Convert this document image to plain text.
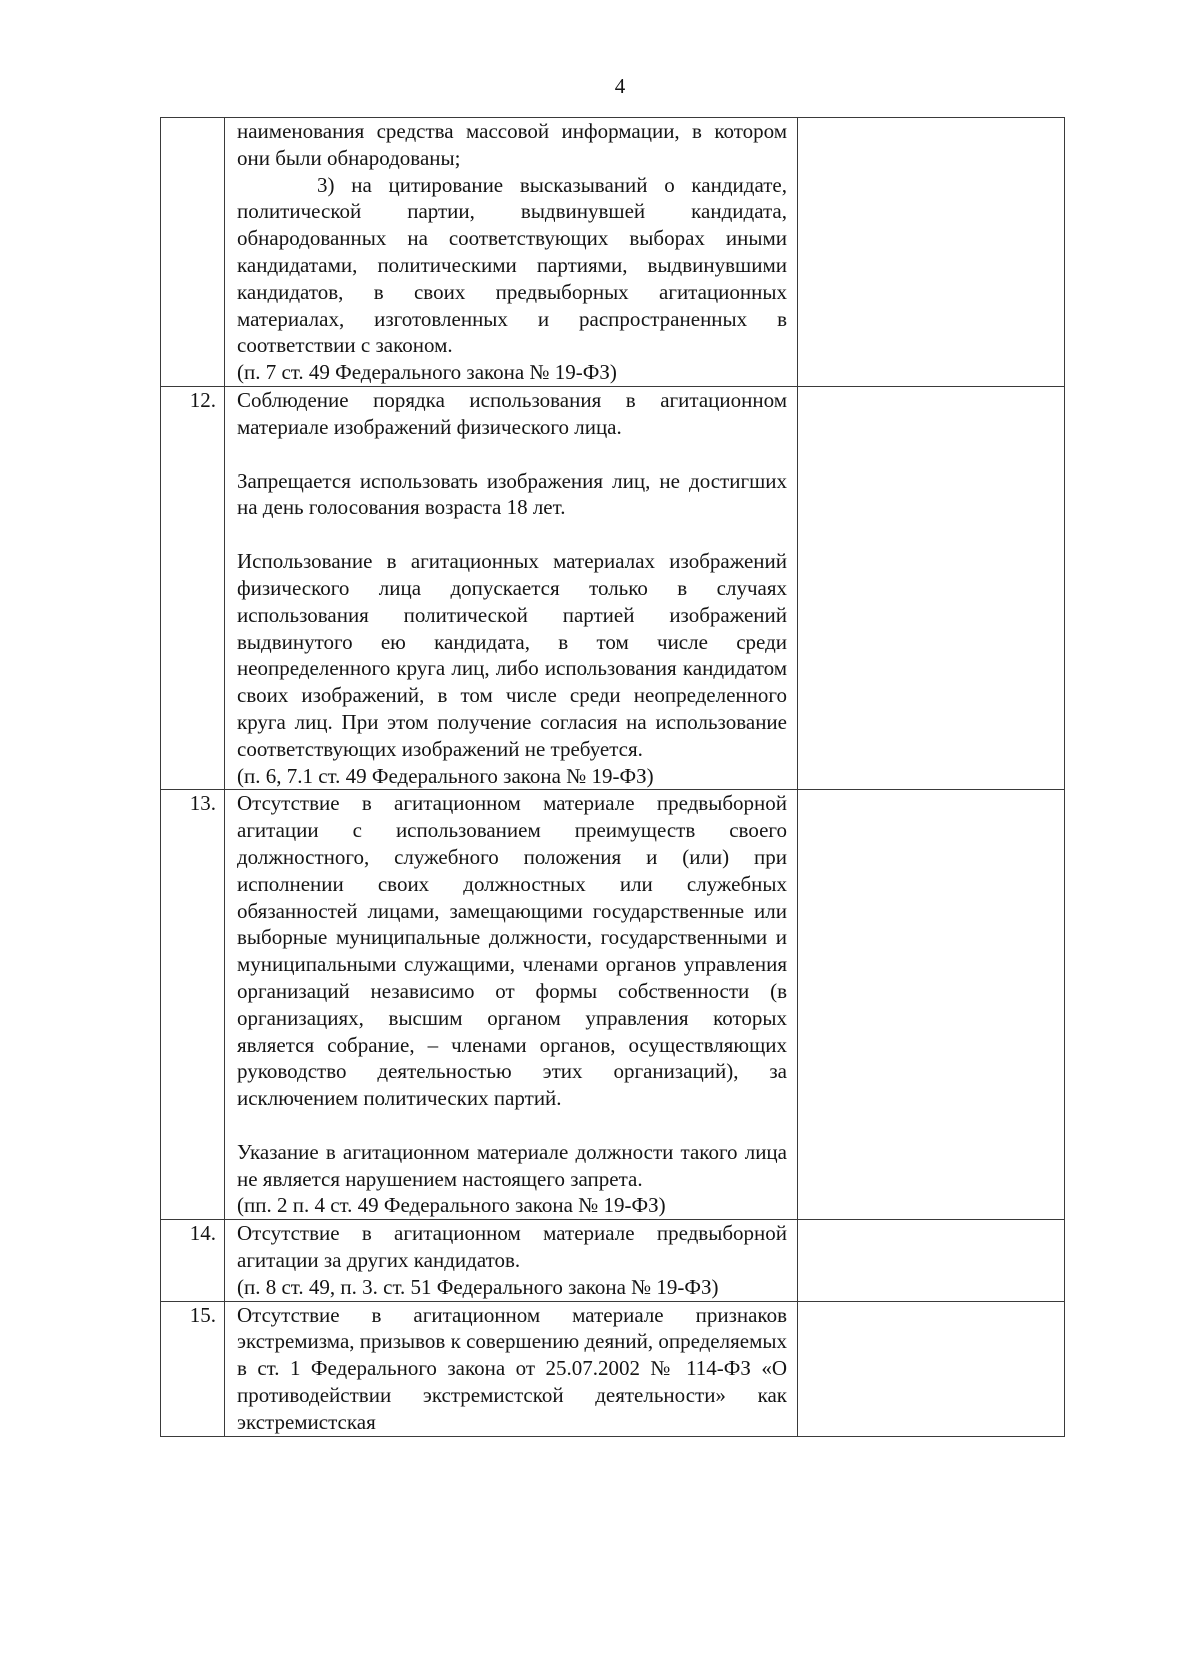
4

	наименования средства массовой информации, в котором они были обнародованы;

3) на цитирование высказываний о кандидате, политической партии, выдвинувшей кандидата, обнародованных на соответствующих выборах иными кандидатами, политическими партиями, выдвинувшими кандидатов, в своих предвыборных агитационных материалах, изготовленных и распространенных в соответствии с законом.

(п. 7 ст. 49 Федерального закона № 19-ФЗ)	

12.	Соблюдение порядка использования в агитационном материале изображений физического лица.

Запрещается использовать изображения лиц, не достигших на день голосования возраста 18 лет.

Использование в агитационных материалах изображений физического лица допускается только в случаях использования политической партией изображений выдвинутого ею кандидата, в том числе среди неопределенного круга лиц, либо использования кандидатом своих изображений, в том числе среди неопределенного круга лиц. При этом получение согласия на использование соответствующих изображений не требуется.

(п. 6, 7.1 ст. 49 Федерального закона № 19-ФЗ)	

13.	Отсутствие в агитационном материале предвыборной агитации с использованием преимуществ своего должностного, служебного положения и (или) при исполнении своих должностных или служебных обязанностей лицами, замещающими государственные или выборные муниципальные должности, государственными и муниципальными служащими, членами органов управления организаций независимо от формы собственности (в организациях, высшим органом управления которых является собрание, – членами органов, осуществляющих руководство деятельностью этих организаций), за исключением политических партий.

Указание в агитационном материале должности такого лица не является нарушением настоящего запрета.

(пп. 2 п. 4 ст. 49 Федерального закона № 19-ФЗ)	

14.	Отсутствие в агитационном материале предвыборной агитации за других кандидатов.

(п. 8 ст. 49, п. 3. ст. 51 Федерального закона № 19-ФЗ)	

15.	Отсутствие в агитационном материале признаков экстремизма, призывов к совершению деяний, определяемых в ст. 1 Федерального закона от 25.07.2002 № 114-ФЗ «О противодействии экстремистской деятельности» как экстремистская	
